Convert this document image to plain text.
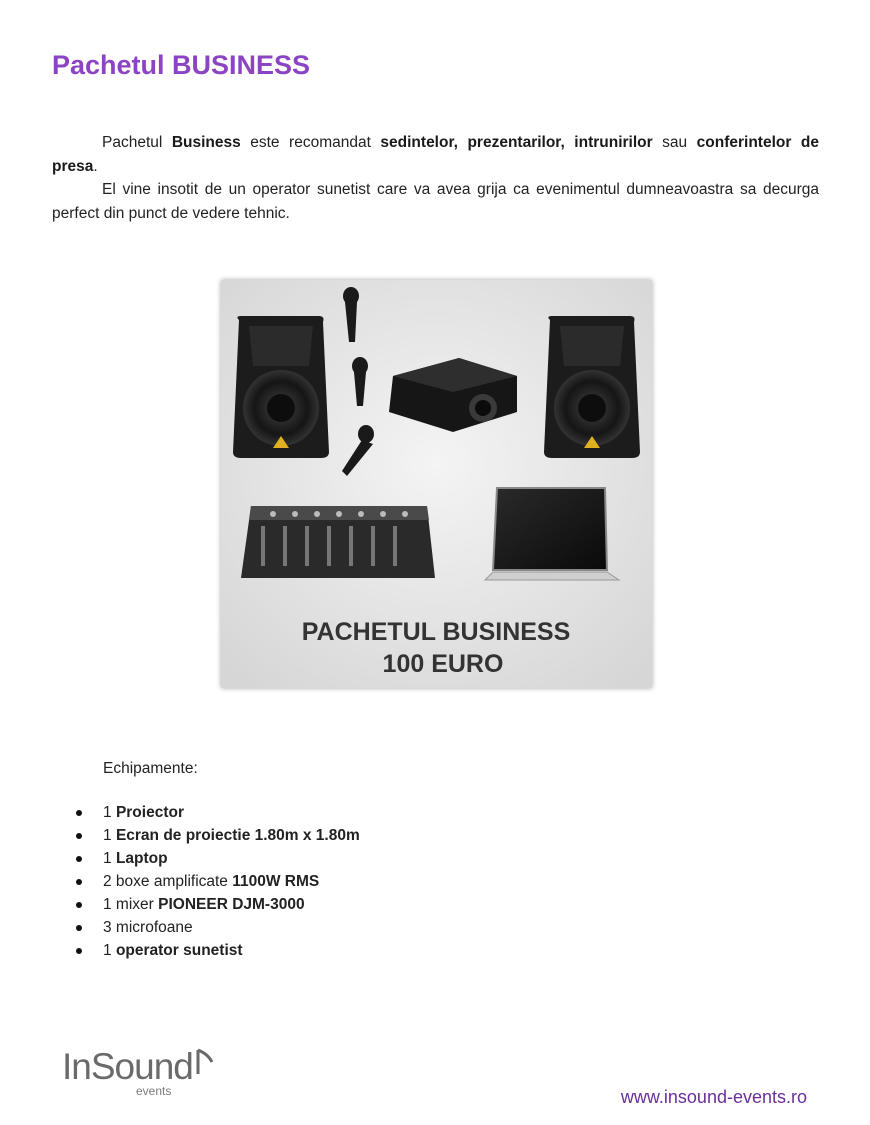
Pachetul BUSINESS

Pachetul Business este recomandat sedintelor, prezentarilor, intrunirilor sau conferintelor de presa.

El vine insotit de un operator sunetist care va avea grija ca evenimentul dumneavoastra sa decurga perfect din punct de vedere tehnic.

PACHETUL BUSINESS
100 EURO
Echipamente:
1 Proiector
1 Ecran de proiectie 1.80m x 1.80m
1 Laptop
2 boxe amplificate 1100W RMS
1 mixer PIONEER DJM-3000
3 microfoane
1 operator sunetist
InSound
events	www.insound-events.ro
